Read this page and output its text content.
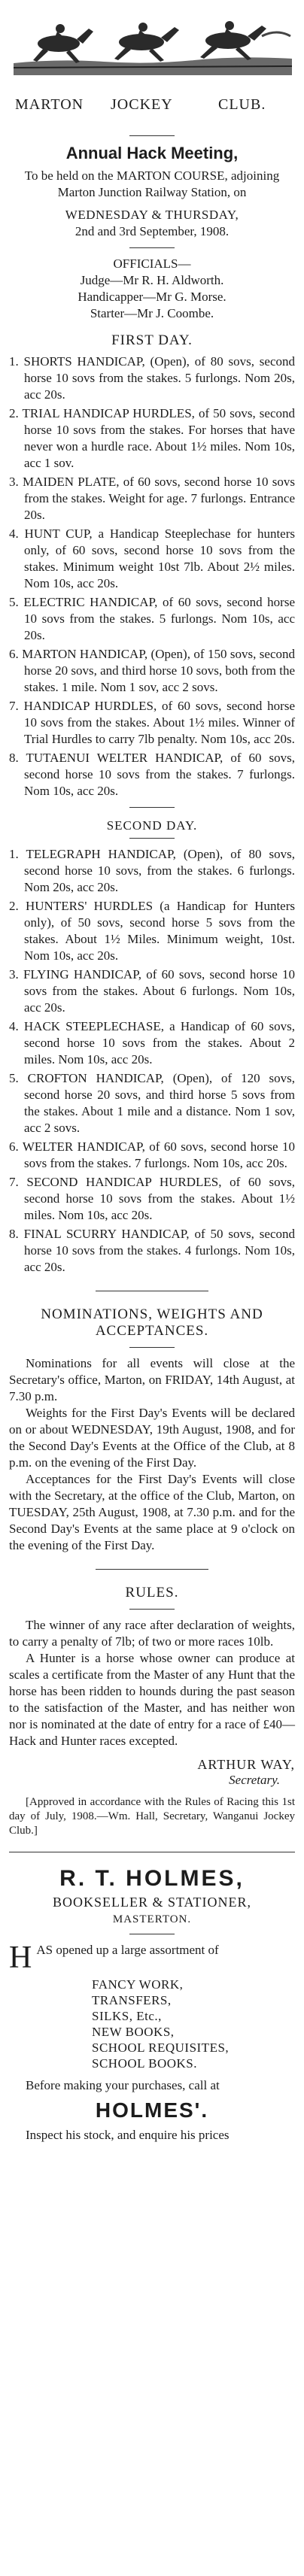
MARTON JOCKEY	CLUB.
Annual Hack Meeting,

To be held on the MARTON COURSE, adjoining Marton Junction Railway Station, on

WEDNESDAY & THURSDAY,

2nd and 3rd September, 1908.

OFFICIALS—

Judge—Mr R. H. Aldworth.

Handicapper—Mr G. Morse.

Starter—Mr J. Coombe.

FIRST DAY.
1. SHORTS HANDICAP, (Open), of 80 sovs, second horse 10 sovs from the stakes. 5 furlongs. Nom 20s, acc 20s.
2. TRIAL HANDICAP HURDLES, of 50 sovs, second horse 10 sovs from the stakes. For horses that have never won a hurdle race. About 1½ miles. Nom 10s, acc 1 sov.
3. MAIDEN PLATE, of 60 sovs, second horse 10 sovs from the stakes. Weight for age. 7 furlongs. Entrance 20s.
4. HUNT CUP, a Handicap Steeplechase for hunters only, of 60 sovs, second horse 10 sovs from the stakes. Minimum weight 10st 7lb. About 2½ miles. Nom 10s, acc 20s.
5. ELECTRIC HANDICAP, of 60 sovs, second horse 10 sovs from the stakes. 5 furlongs. Nom 10s, acc 20s.
6. MARTON HANDICAP, (Open), of 150 sovs, second horse 20 sovs, and third horse 10 sovs, both from the stakes. 1 mile. Nom 1 sov, acc 2 sovs.
7. HANDICAP HURDLES, of 60 sovs, second horse 10 sovs from the stakes. About 1½ miles. Winner of Trial Hurdles to carry 7lb penalty. Nom 10s, acc 20s.
8. TUTAENUI WELTER HANDICAP, of 60 sovs, second horse 10 sovs from the stakes. 7 furlongs. Nom 10s, acc 20s.
SECOND DAY.
1. TELEGRAPH HANDICAP, (Open), of 80 sovs, second horse 10 sovs, from the stakes. 6 furlongs. Nom 20s, acc 20s.
2. HUNTERS' HURDLES (a Handicap for Hunters only), of 50 sovs, second horse 5 sovs from the stakes. About 1½ Miles. Minimum weight, 10st. Nom 10s, acc 20s.
3. FLYING HANDICAP, of 60 sovs, second horse 10 sovs from the stakes. About 6 furlongs. Nom 10s, acc 20s.
4. HACK STEEPLECHASE, a Handicap of 60 sovs, second horse 10 sovs from the stakes. About 2 miles. Nom 10s, acc 20s.
5. CROFTON HANDICAP, (Open), of 120 sovs, second horse 20 sovs, and third horse 5 sovs from the stakes. About 1 mile and a distance. Nom 1 sov, acc 2 sovs.
6. WELTER HANDICAP, of 60 sovs, second horse 10 sovs from the stakes. 7 furlongs. Nom 10s, acc 20s.
7. SECOND HANDICAP HURDLES, of 60 sovs, second horse 10 sovs from the stakes. About 1½ miles. Nom 10s, acc 20s.
8. FINAL SCURRY HANDICAP, of 50 sovs, second horse 10 sovs from the stakes. 4 furlongs. Nom 10s, acc 20s.
NOMINATIONS, WEIGHTS AND ACCEPTANCES.

Nominations for all events will close at the Secretary's office, Marton, on FRIDAY, 14th August, at 7.30 p.m.

Weights for the First Day's Events will be declared on or about WEDNESDAY, 19th August, 1908, and for the Second Day's Events at the Office of the Club, at 8 p.m. on the evening of the First Day.

Acceptances for the First Day's Events will close with the Secretary, at the office of the Club, Marton, on TUESDAY, 25th August, 1908, at 7.30 p.m. and for the Second Day's Events at the same place at 9 o'clock on the evening of the First Day.

RULES.

The winner of any race after declaration of weights, to carry a penalty of 7lb; of two or more races 10lb.

A Hunter is a horse whose owner can produce at scales a certificate from the Master of any Hunt that the horse has been ridden to hounds during the past season to the satisfaction of the Master, and has neither won nor is nominated at the date of entry for a race of £40—Hack and Hunter races excepted.

ARTHUR WAY,
Secretary.

[Approved in accordance with the Rules of Racing this 1st day of July, 1908.—Wm. Hall, Secretary, Wanganui Jockey Club.]

R. T. HOLMES,
BOOKSELLER & STATIONER,
MASTERTON.
H AS opened up a large assortment of

FANCY WORK,
TRANSFERS,
SILKS, Etc.,
NEW BOOKS,
SCHOOL REQUISITES,
SCHOOL BOOKS.

Before making your purchases, call at

HOLMES'.

Inspect his stock, and enquire his prices
